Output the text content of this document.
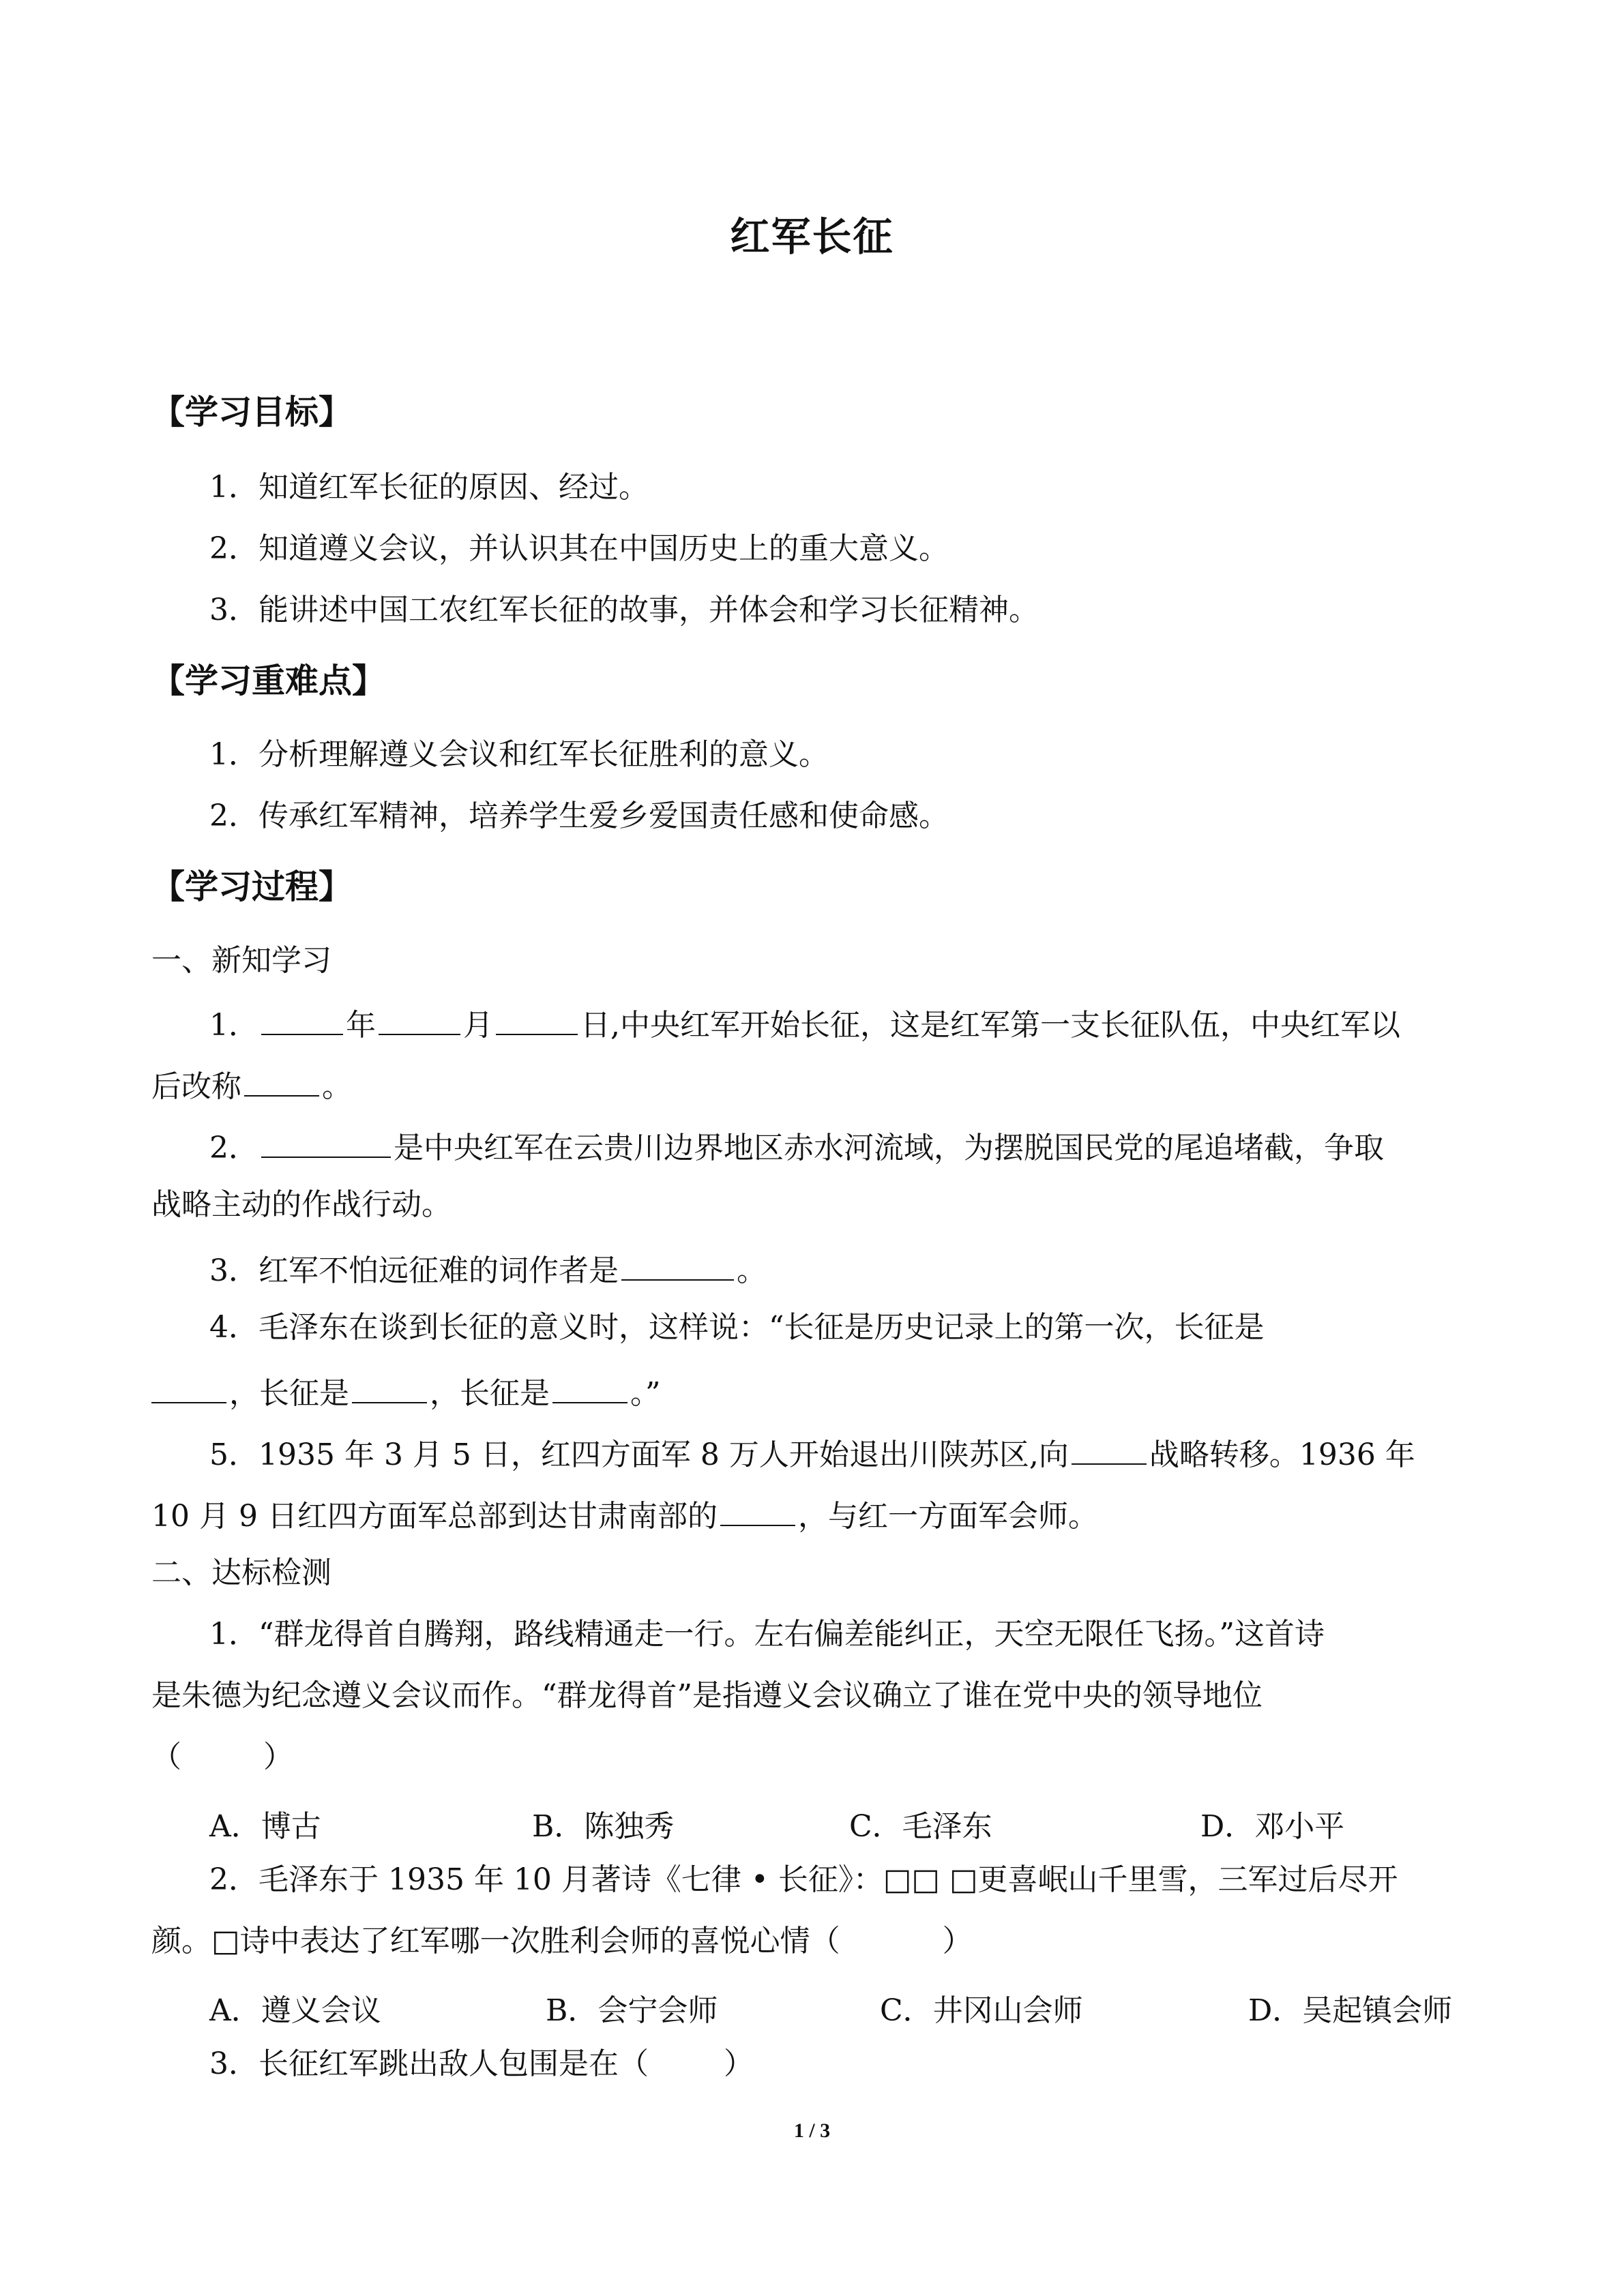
红军长征
【学习目标】
1．知道红军长征的原因、经过。
2．知道遵义会议，并认识其在中国历史上的重大意义。
3．能讲述中国工农红军长征的故事，并体会和学习长征精神。
【学习重难点】
1．分析理解遵义会议和红军长征胜利的意义。
2．传承红军精神，培养学生爱乡爱国责任感和使命感。
【学习过程】
一、新知学习
1．	年	月	日,中央红军开始长征，这是红军第一支长征队伍，中央红军以
后改称	。
2．	是中央红军在云贵川边界地区赤水河流域，为摆脱国民党的尾追堵截，争取
战略主动的作战行动。
3．红军不怕远征难的词作者是	。
4．毛泽东在谈到长征的意义时，这样说：“长征是历史记录上的第一次，长征是
，长征是	，长征是	。”
5．1935 年 3 月 5 日，红四方面军 8 万人开始退出川陕苏区,向	战略转移。1936 年
10 月 9 日红四方面军总部到达甘肃南部的	，与红一方面军会师。
二、达标检测
1．“群龙得首自腾翔，路线精通走一行。左右偏差能纠正，天空无限任飞扬。”这首诗
是朱德为纪念遵义会议而作。“群龙得首”是指遵义会议确立了谁在党中央的领导地位
（	）
A．博古	B．陈独秀	C．毛泽东	D．邓小平
2．毛泽东于 1935 年 10 月著诗《七律 • 长征》：□□ □更喜岷山千里雪，三军过后尽开
颜。□诗中表达了红军哪一次胜利会师的喜悦心情（	）
A．遵义会议	B．会宁会师	C．井冈山会师	D．吴起镇会师
3．长征红军跳出敌人包围是在（	）
1 / 3
